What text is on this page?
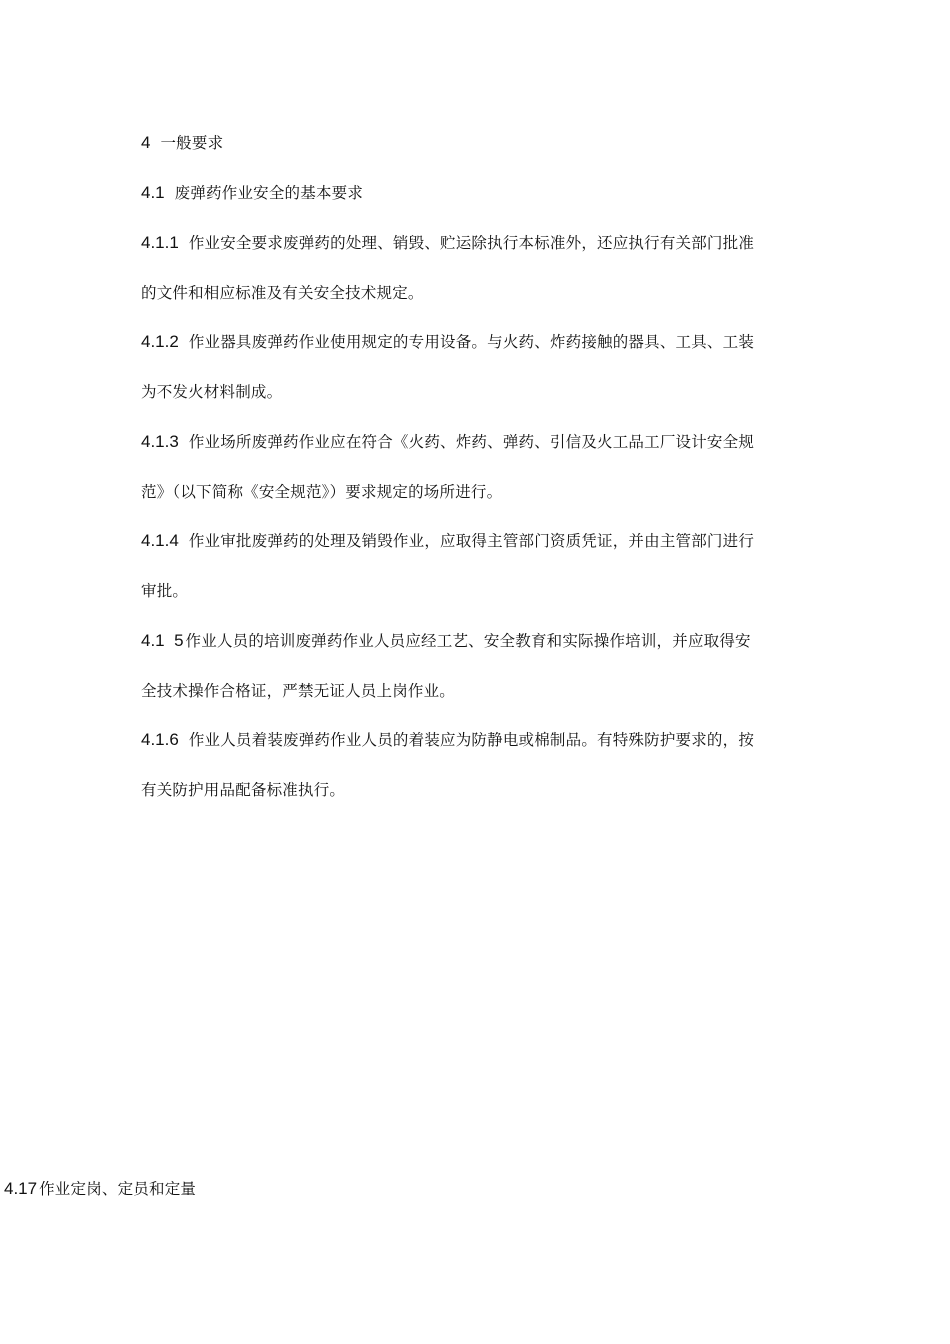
4 一般要求
4.1 废弹药作业安全的基本要求
4.1.1 作业安全要求废弹药的处理、销毁、贮运除执行本标准外，还应执行有关部门批准
的文件和相应标准及有关安全技术规定。
4.1.2 作业器具废弹药作业使用规定的专用设备。与火药、炸药接触的器具、工具、工装
为不发火材料制成。
4.1.3 作业场所废弹药作业应在符合《火药、炸药、弹药、引信及火工品工厂设计安全规
范》（以下简称《安全规范》）要求规定的场所进行。
4.1.4 作业审批废弹药的处理及销毁作业，应取得主管部门资质凭证，并由主管部门进行
审批。
4.1  5 作业人员的培训废弹药作业人员应经工艺、安全教育和实际操作培训，并应取得安
全技术操作合格证，严禁无证人员上岗作业。
4.1.6 作业人员着装废弹药作业人员的着装应为防静电或棉制品。有特殊防护要求的，按
有关防护用品配备标准执行。
4.17 作业定岗、定员和定量
